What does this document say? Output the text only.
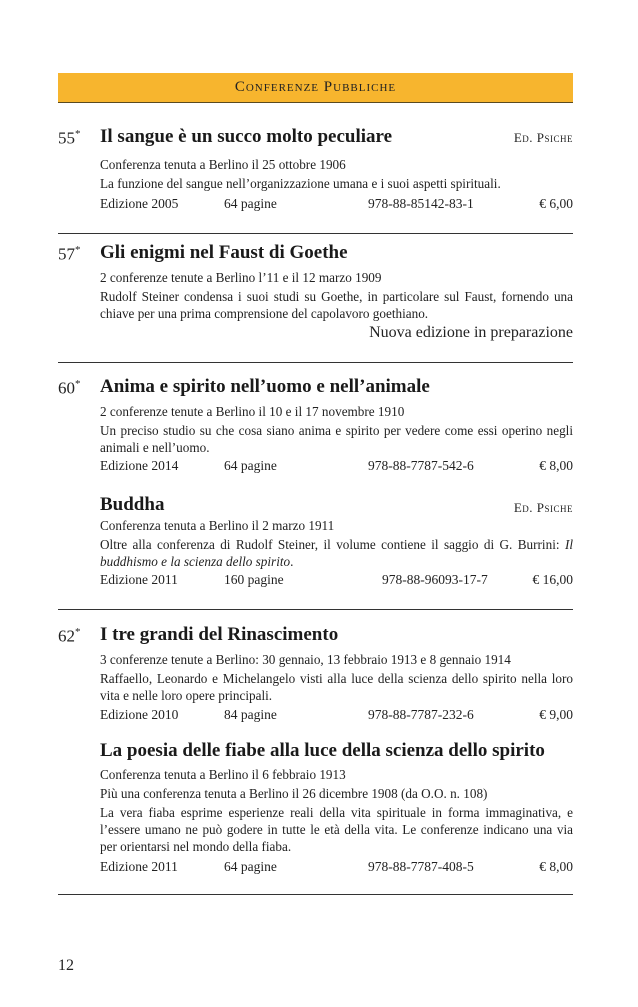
Conferenze Pubbliche
55* Il sangue è un succo molto peculiare	Ed. Psiche
Conferenza tenuta a Berlino il 25 ottobre 1906
La funzione del sangue nell’organizzazione umana e i suoi aspetti spirituali.
Edizione 2005	64 pagine	978-88-85142-83-1	€ 6,00
57* Gli enigmi nel Faust di Goethe
2 conferenze tenute a Berlino l’11 e il 12 marzo 1909
Rudolf Steiner condensa i suoi studi su Goethe, in particolare sul Faust, fornendo una chiave per una prima comprensione del capolavoro goethiano.
Nuova edizione in preparazione
60* Anima e spirito nell’uomo e nell’animale
2 conferenze tenute a Berlino il 10 e il 17 novembre 1910
Un preciso studio su che cosa siano anima e spirito per vedere come essi operino negli animali e nell’uomo.
Edizione 2014	64 pagine	978-88-7787-542-6	€ 8,00
Buddha	Ed. Psiche
Conferenza tenuta a Berlino il 2 marzo 1911
Oltre alla conferenza di Rudolf Steiner, il volume contiene il saggio di G. Burrini: Il buddhismo e la scienza dello spirito.
Edizione 2011	160 pagine	978-88-96093-17-7	€ 16,00
62* I tre grandi del Rinascimento
3 conferenze tenute a Berlino: 30 gennaio, 13 febbraio 1913 e 8 gennaio 1914
Raffaello, Leonardo e Michelangelo visti alla luce della scienza dello spirito nella loro vita e nelle loro opere principali.
Edizione 2010	84 pagine	978-88-7787-232-6	€ 9,00
La poesia delle fiabe alla luce della scienza dello spirito
Conferenza tenuta a Berlino il 6 febbraio 1913
Più una conferenza tenuta a Berlino il 26 dicembre 1908 (da O.O. n. 108)
La vera fiaba esprime esperienze reali della vita spirituale in forma immaginativa, e l’essere umano ne può godere in tutte le età della vita. Le conferenze indicano una via per orientarsi nel mondo della fiaba.
Edizione 2011	64 pagine	978-88-7787-408-5	€ 8,00
12
